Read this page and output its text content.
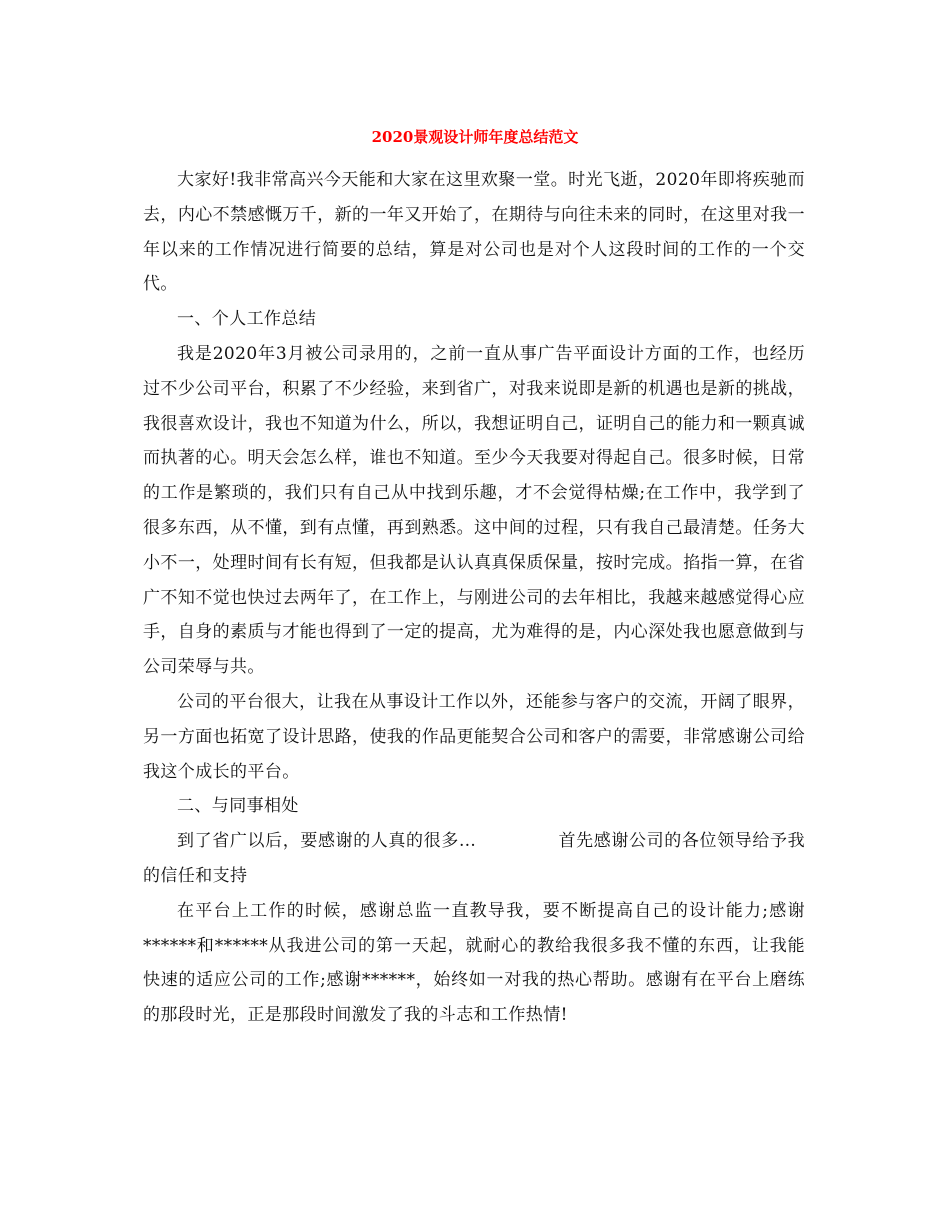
2020景观设计师年度总结范文

大家好!我非常高兴今天能和大家在这里欢聚一堂。时光飞逝，2020年即将疾驰而去，内心不禁感慨万千，新的一年又开始了，在期待与向往未来的同时，在这里对我一年以来的工作情况进行简要的总结，算是对公司也是对个人这段时间的工作的一个交代。

一、个人工作总结

我是2020年3月被公司录用的，之前一直从事广告平面设计方面的工作，也经历过不少公司平台，积累了不少经验，来到省广，对我来说即是新的机遇也是新的挑战，我很喜欢设计，我也不知道为什么，所以，我想证明自己，证明自己的能力和一颗真诚而执著的心。明天会怎么样，谁也不知道。至少今天我要对得起自己。很多时候，日常的工作是繁琐的，我们只有自己从中找到乐趣，才不会觉得枯燥;在工作中，我学到了很多东西，从不懂，到有点懂，再到熟悉。这中间的过程，只有我自己最清楚。任务大小不一，处理时间有长有短，但我都是认认真真保质保量，按时完成。掐指一算，在省广不知不觉也快过去两年了，在工作上，与刚进公司的去年相比，我越来越感觉得心应手，自身的素质与才能也得到了一定的提高，尤为难得的是，内心深处我也愿意做到与公司荣辱与共。

公司的平台很大，让我在从事设计工作以外，还能参与客户的交流，开阔了眼界，另一方面也拓宽了设计思路，使我的作品更能契合公司和客户的需要，非常感谢公司给我这个成长的平台。

二、与同事相处

到了省广以后，要感谢的人真的很多…	首先感谢公司的各位领导给予我的信任和支持

在平台上工作的时候，感谢总监一直教导我，要不断提高自己的设计能力;感谢******和******从我进公司的第一天起，就耐心的教给我很多我不懂的东西，让我能快速的适应公司的工作;感谢******，始终如一对我的热心帮助。感谢有在平台上磨练的那段时光，正是那段时间激发了我的斗志和工作热情!
